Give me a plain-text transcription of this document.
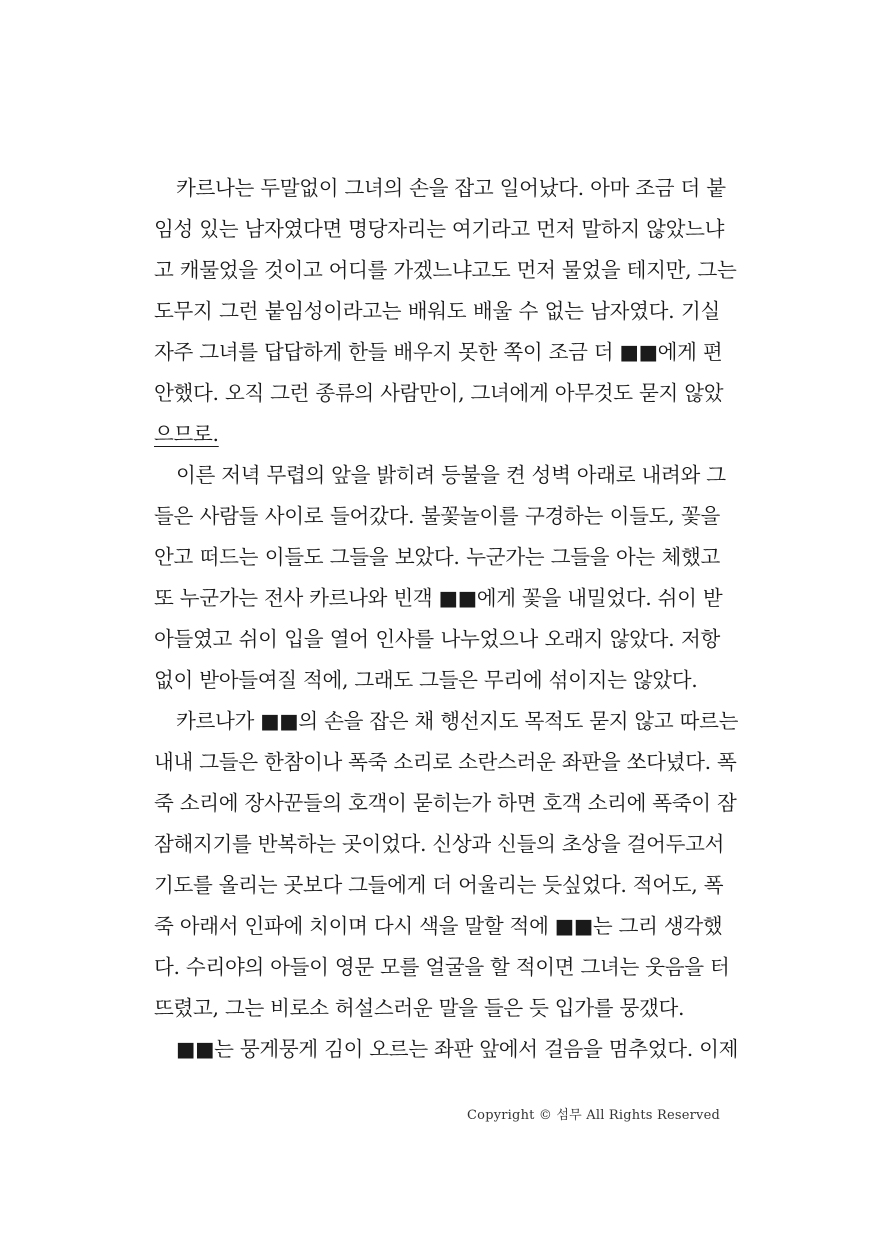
카르나는 두말없이 그녀의 손을 잡고 일어났다. 아마 조금 더 붙
임성 있는 남자였다면 명당자리는 여기라고 먼저 말하지 않았느냐
고 캐물었을 것이고 어디를 가겠느냐고도 먼저 물었을 테지만, 그는
도무지 그런 붙임성이라고는 배워도 배울 수 없는 남자였다. 기실
자주 그녀를 답답하게 한들 배우지 못한 쪽이 조금 더 ■■에게 편
안했다. 오직 그런 종류의 사람만이, 그녀에게 아무것도 묻지 않았
으므로.
이른 저녁 무렵의 앞을 밝히려 등불을 켠 성벽 아래로 내려와 그
들은 사람들 사이로 들어갔다. 불꽃놀이를 구경하는 이들도, 꽃을
안고 떠드는 이들도 그들을 보았다. 누군가는 그들을 아는 체했고
또 누군가는 전사 카르나와 빈객 ■■에게 꽃을 내밀었다. 쉬이 받
아들였고 쉬이 입을 열어 인사를 나누었으나 오래지 않았다. 저항
없이 받아들여질 적에, 그래도 그들은 무리에 섞이지는 않았다.
카르나가 ■■의 손을 잡은 채 행선지도 목적도 묻지 않고 따르는
내내 그들은 한참이나 폭죽 소리로 소란스러운 좌판을 쏘다녔다. 폭
죽 소리에 장사꾼들의 호객이 묻히는가 하면 호객 소리에 폭죽이 잠
잠해지기를 반복하는 곳이었다. 신상과 신들의 초상을 걸어두고서
기도를 올리는 곳보다 그들에게 더 어울리는 듯싶었다. 적어도, 폭
죽 아래서 인파에 치이며 다시 색을 말할 적에 ■■는 그리 생각했
다. 수리야의 아들이 영문 모를 얼굴을 할 적이면 그녀는 웃음을 터
뜨렸고, 그는 비로소 허설스러운 말을 들은 듯 입가를 뭉갰다.
■■는 뭉게뭉게 김이 오르는 좌판 앞에서 걸음을 멈추었다. 이제
Copyright © 섬무 All Rights Reserved
